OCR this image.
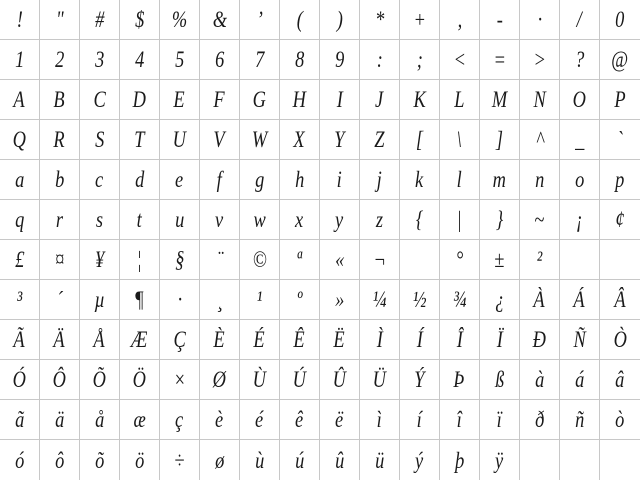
! " # $ % & ’ ( ) * + , - · / 0
1 2 3 4 5 6 7 8 9 : ; < = > ? @
A B C D E F G H I J K L M N O P
Q R S T U V W X Y Z [ \ ] ^ _ `
a b c d e f g h i j k l m n o p
q r s t u v w x y z { | } ~ ¡ ¢
£ ¤ ¥ ¦ § ¨ © ª « ¬	° ± ²
³ ´ µ ¶ · ¸ ¹ º » ¼ ½ ¾ ¿ À Á Â
Ã Ä Å Æ Ç È É Ê Ë Ì Í Î Ï Ð Ñ Ò
Ó Ô Õ Ö × Ø Ù Ú Û Ü Ý Þ ß à á â
ã ä å æ ç è é ê ë ì í î ï ð ñ ò
ó ô õ ö ÷ ø ù ú û ü ý þ ÿ
